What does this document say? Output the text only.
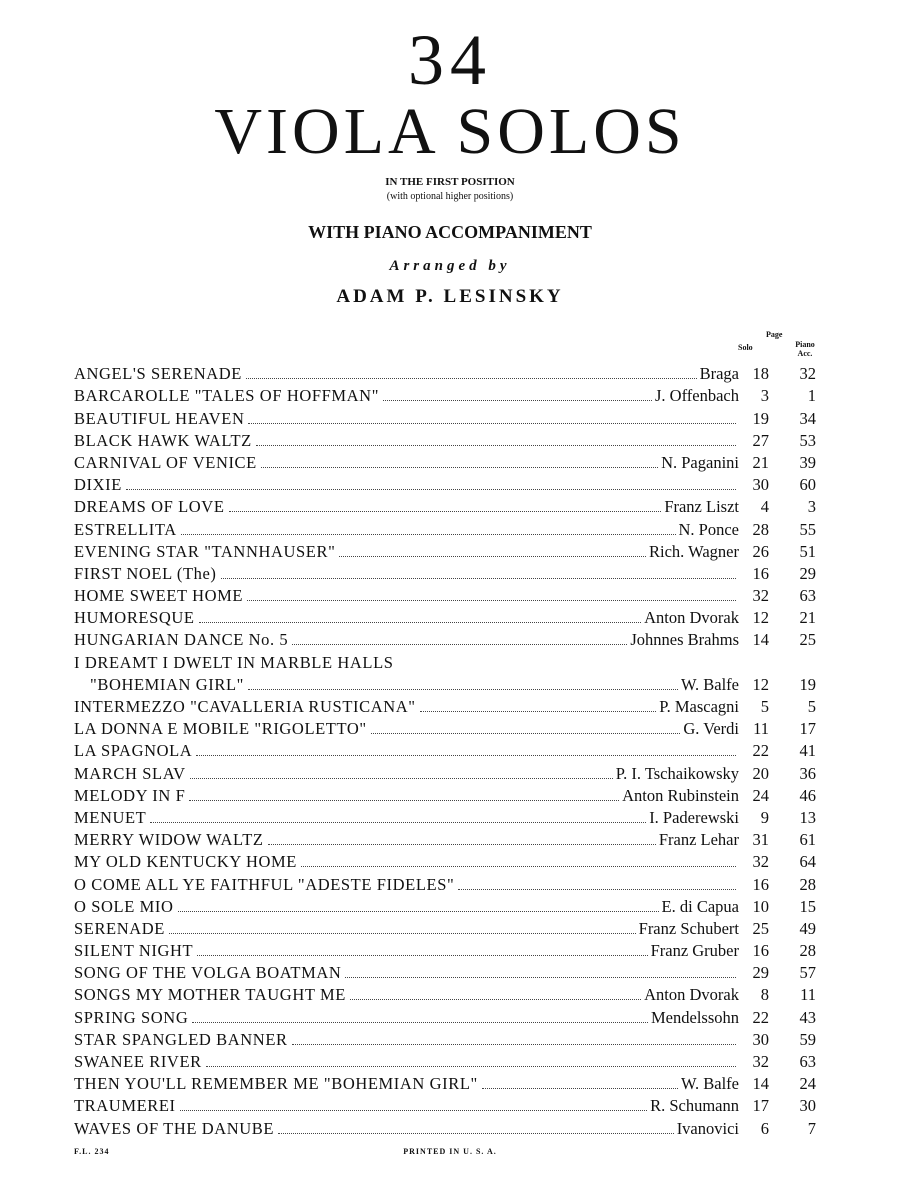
34
VIOLA SOLOS
IN THE FIRST POSITION
(with optional higher positions)
WITH PIANO ACCOMPANIMENT
Arranged by
ADAM P. LESINSKY
Page
Solo	Piano Acc.
ANGEL'S SERENADE	Braga 18	32
BARCAROLLE "TALES OF HOFFMAN"	J. Offenbach	3	1
BEAUTIFUL HEAVEN	19	34
BLACK HAWK WALTZ	27	53
CARNIVAL OF VENICE	N. Paganini 21	39
DIXIE	30	60
DREAMS OF LOVE	Franz Liszt	4	3
ESTRELLITA	N. Ponce 28	55
EVENING STAR "TANNHAUSER"	Rich. Wagner 26	51
FIRST NOEL (The)	16	29
HOME SWEET HOME	32	63
HUMORESQUE	Anton Dvorak 12	21
HUNGARIAN DANCE No. 5	Johnnes Brahms 14	25
I DREAMT I DWELT IN MARBLE HALLS
"BOHEMIAN GIRL"	W. Balfe 12	19
INTERMEZZO "CAVALLERIA RUSTICANA"	P. Mascagni	5	5
LA DONNA E MOBILE "RIGOLETTO"	G. Verdi 11	17
LA SPAGNOLA	22	41
MARCH SLAV	P. I. Tschaikowsky 20	36
MELODY IN F	Anton Rubinstein 24	46
MENUET	I. Paderewski	9	13
MERRY WIDOW WALTZ	Franz Lehar 31	61
MY OLD KENTUCKY HOME	32	64
O COME ALL YE FAITHFUL "ADESTE FIDELES"	16	28
O SOLE MIO	E. di Capua 10	15
SERENADE	Franz Schubert 25	49
SILENT NIGHT	Franz Gruber 16	28
SONG OF THE VOLGA BOATMAN	29	57
SONGS MY MOTHER TAUGHT ME	Anton Dvorak	8	11
SPRING SONG	Mendelssohn 22	43
STAR SPANGLED BANNER	30	59
SWANEE RIVER	32	63
THEN YOU'LL REMEMBER ME "BOHEMIAN GIRL"	W. Balfe 14	24
TRAUMEREI	R. Schumann 17	30
WAVES OF THE DANUBE	Ivanovici	6	7
F.L. 234	PRINTED IN U. S. A.
